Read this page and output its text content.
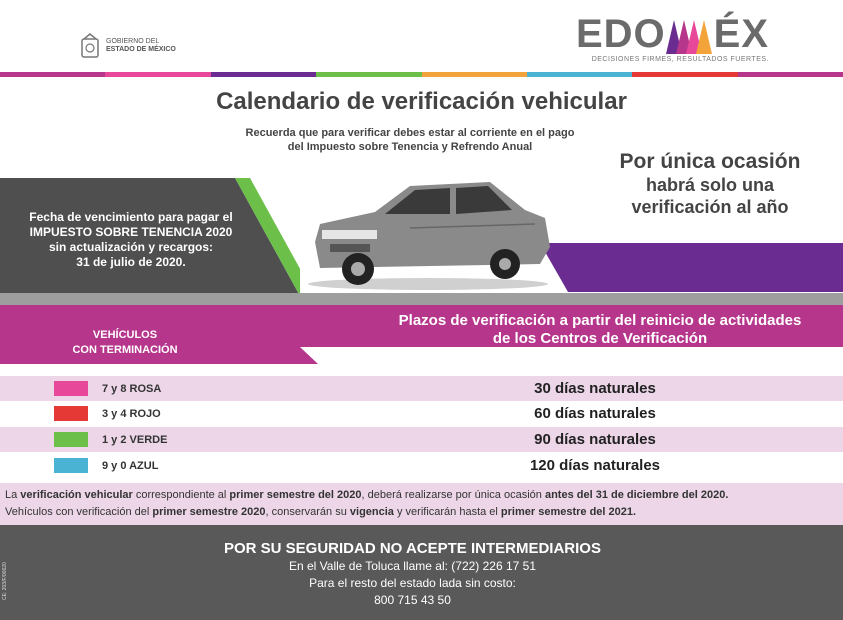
GOBIERNO DEL
ESTADO DE MÉXICO	EDO ÉX
DECISIONES FIRMES, RESULTADOS FUERTES.
Calendario de verificación vehicular
Recuerda que para verificar debes estar al corriente en el pago
del Impuesto sobre Tenencia y Refrendo Anual
Por única ocasión
habrá solo una
verificación al año
Fecha de vencimiento para pagar el
IMPUESTO SOBRE TENENCIA 2020
sin actualización y recargos:
31 de julio de 2020.
VEHÍCULOS
CON TERMINACIÓN
Plazos de verificación a partir del reinicio de actividades
de los Centros de Verificación
7 y 8 ROSA	30 días naturales
3 y 4 ROJO	60 días naturales
1 y 2 VERDE	90 días naturales
9 y 0 AZUL	120 días naturales

La verificación vehicular correspondiente al primer semestre del 2020, deberá realizarse por única ocasión antes del 31 de diciembre del 2020.

Vehículos con verificación del primer semestre 2020, conservarán su vigencia y verificarán hasta el primer semestre del 2021.

CE: 203/F/00620
POR SU SEGURIDAD NO ACEPTE INTERMEDIARIOS
En el Valle de Toluca llame al: (722) 226 17 51
Para el resto del estado lada sin costo:
800 715 43 50
